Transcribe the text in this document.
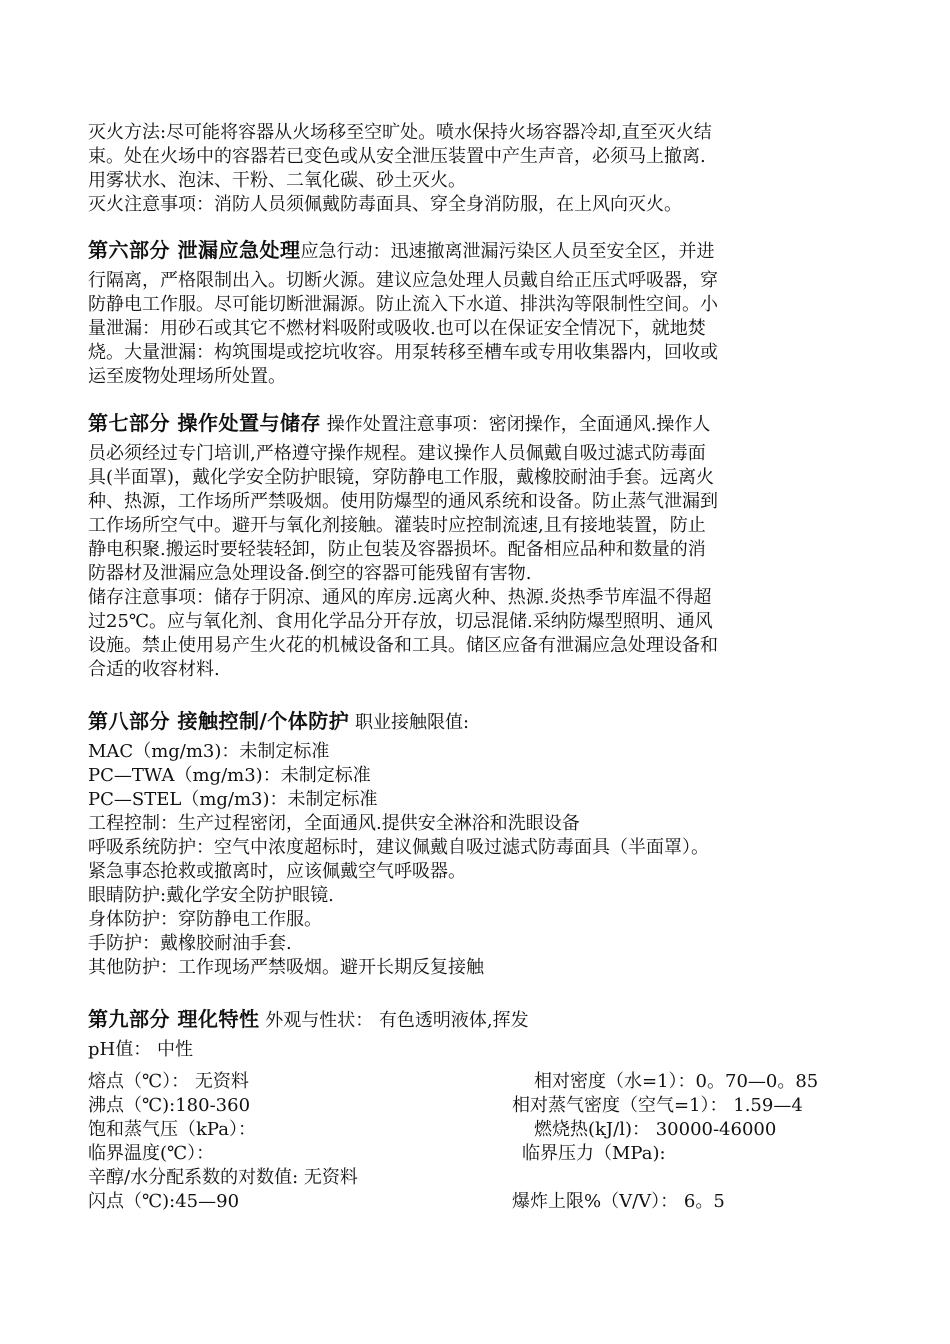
灭火方法:尽可能将容器从火场移至空旷处。喷水保持火场容器冷却,直至灭火结
束。处在火场中的容器若已变色或从安全泄压装置中产生声音，必须马上撤离.
用雾状水、泡沫、干粉、二氧化碳、砂土灭火。
灭火注意事项：消防人员须佩戴防毒面具、穿全身消防服，在上风向灭火。
第六部分 泄漏应急处理应急行动：迅速撤离泄漏污染区人员至安全区，并进
行隔离，严格限制出入。切断火源。建议应急处理人员戴自给正压式呼吸器，穿
防静电工作服。尽可能切断泄漏源。防止流入下水道、排洪沟等限制性空间。小
量泄漏：用砂石或其它不燃材料吸附或吸收.也可以在保证安全情况下，就地焚
烧。大量泄漏：构筑围堤或挖坑收容。用泵转移至槽车或专用收集器内，回收或
运至废物处理场所处置。
第七部分 操作处置与储存 操作处置注意事项：密闭操作，全面通风.操作人
员必须经过专门培训,严格遵守操作规程。建议操作人员佩戴自吸过滤式防毒面
具(半面罩)，戴化学安全防护眼镜，穿防静电工作服，戴橡胶耐油手套。远离火
种、热源，工作场所严禁吸烟。使用防爆型的通风系统和设备。防止蒸气泄漏到
工作场所空气中。避开与氧化剂接触。灌装时应控制流速,且有接地装置，防止
静电积聚.搬运时要轻装轻卸，防止包装及容器损坏。配备相应品种和数量的消
防器材及泄漏应急处理设备.倒空的容器可能残留有害物.
储存注意事项：储存于阴凉、通风的库房.远离火种、热源.炎热季节库温不得超
过25℃。应与氧化剂、食用化学品分开存放，切忌混储.采纳防爆型照明、通风
设施。禁止使用易产生火花的机械设备和工具。储区应备有泄漏应急处理设备和
合适的收容材料.
第八部分 接触控制/个体防护 职业接触限值:
MAC（mg/m3)：未制定标准
PC—TWA（mg/m3)：未制定标准
PC—STEL（mg/m3)：未制定标准
工程控制：生产过程密闭，全面通风.提供安全淋浴和洗眼设备
呼吸系统防护：空气中浓度超标时，建议佩戴自吸过滤式防毒面具（半面罩）。
紧急事态抢救或撤离时，应该佩戴空气呼吸器。
眼睛防护:戴化学安全防护眼镜.
身体防护：穿防静电工作服。
手防护：戴橡胶耐油手套.
其他防护：工作现场严禁吸烟。避开长期反复接触
第九部分 理化特性 外观与性状： 有色透明液体,挥发
pH值： 中性
熔点（℃）： 无资料	相对密度（水=1）：0。70—0。85
沸点（℃):180-360	相对蒸气密度（空气=1）： 1.59—4
饱和蒸气压（kPa）：	燃烧热(kJ/l)： 30000-46000
临界温度(℃）：	临界压力（MPa):
辛醇/水分配系数的对数值: 无资料
闪点（℃):45—90	爆炸上限%（V/V）： 6。5
